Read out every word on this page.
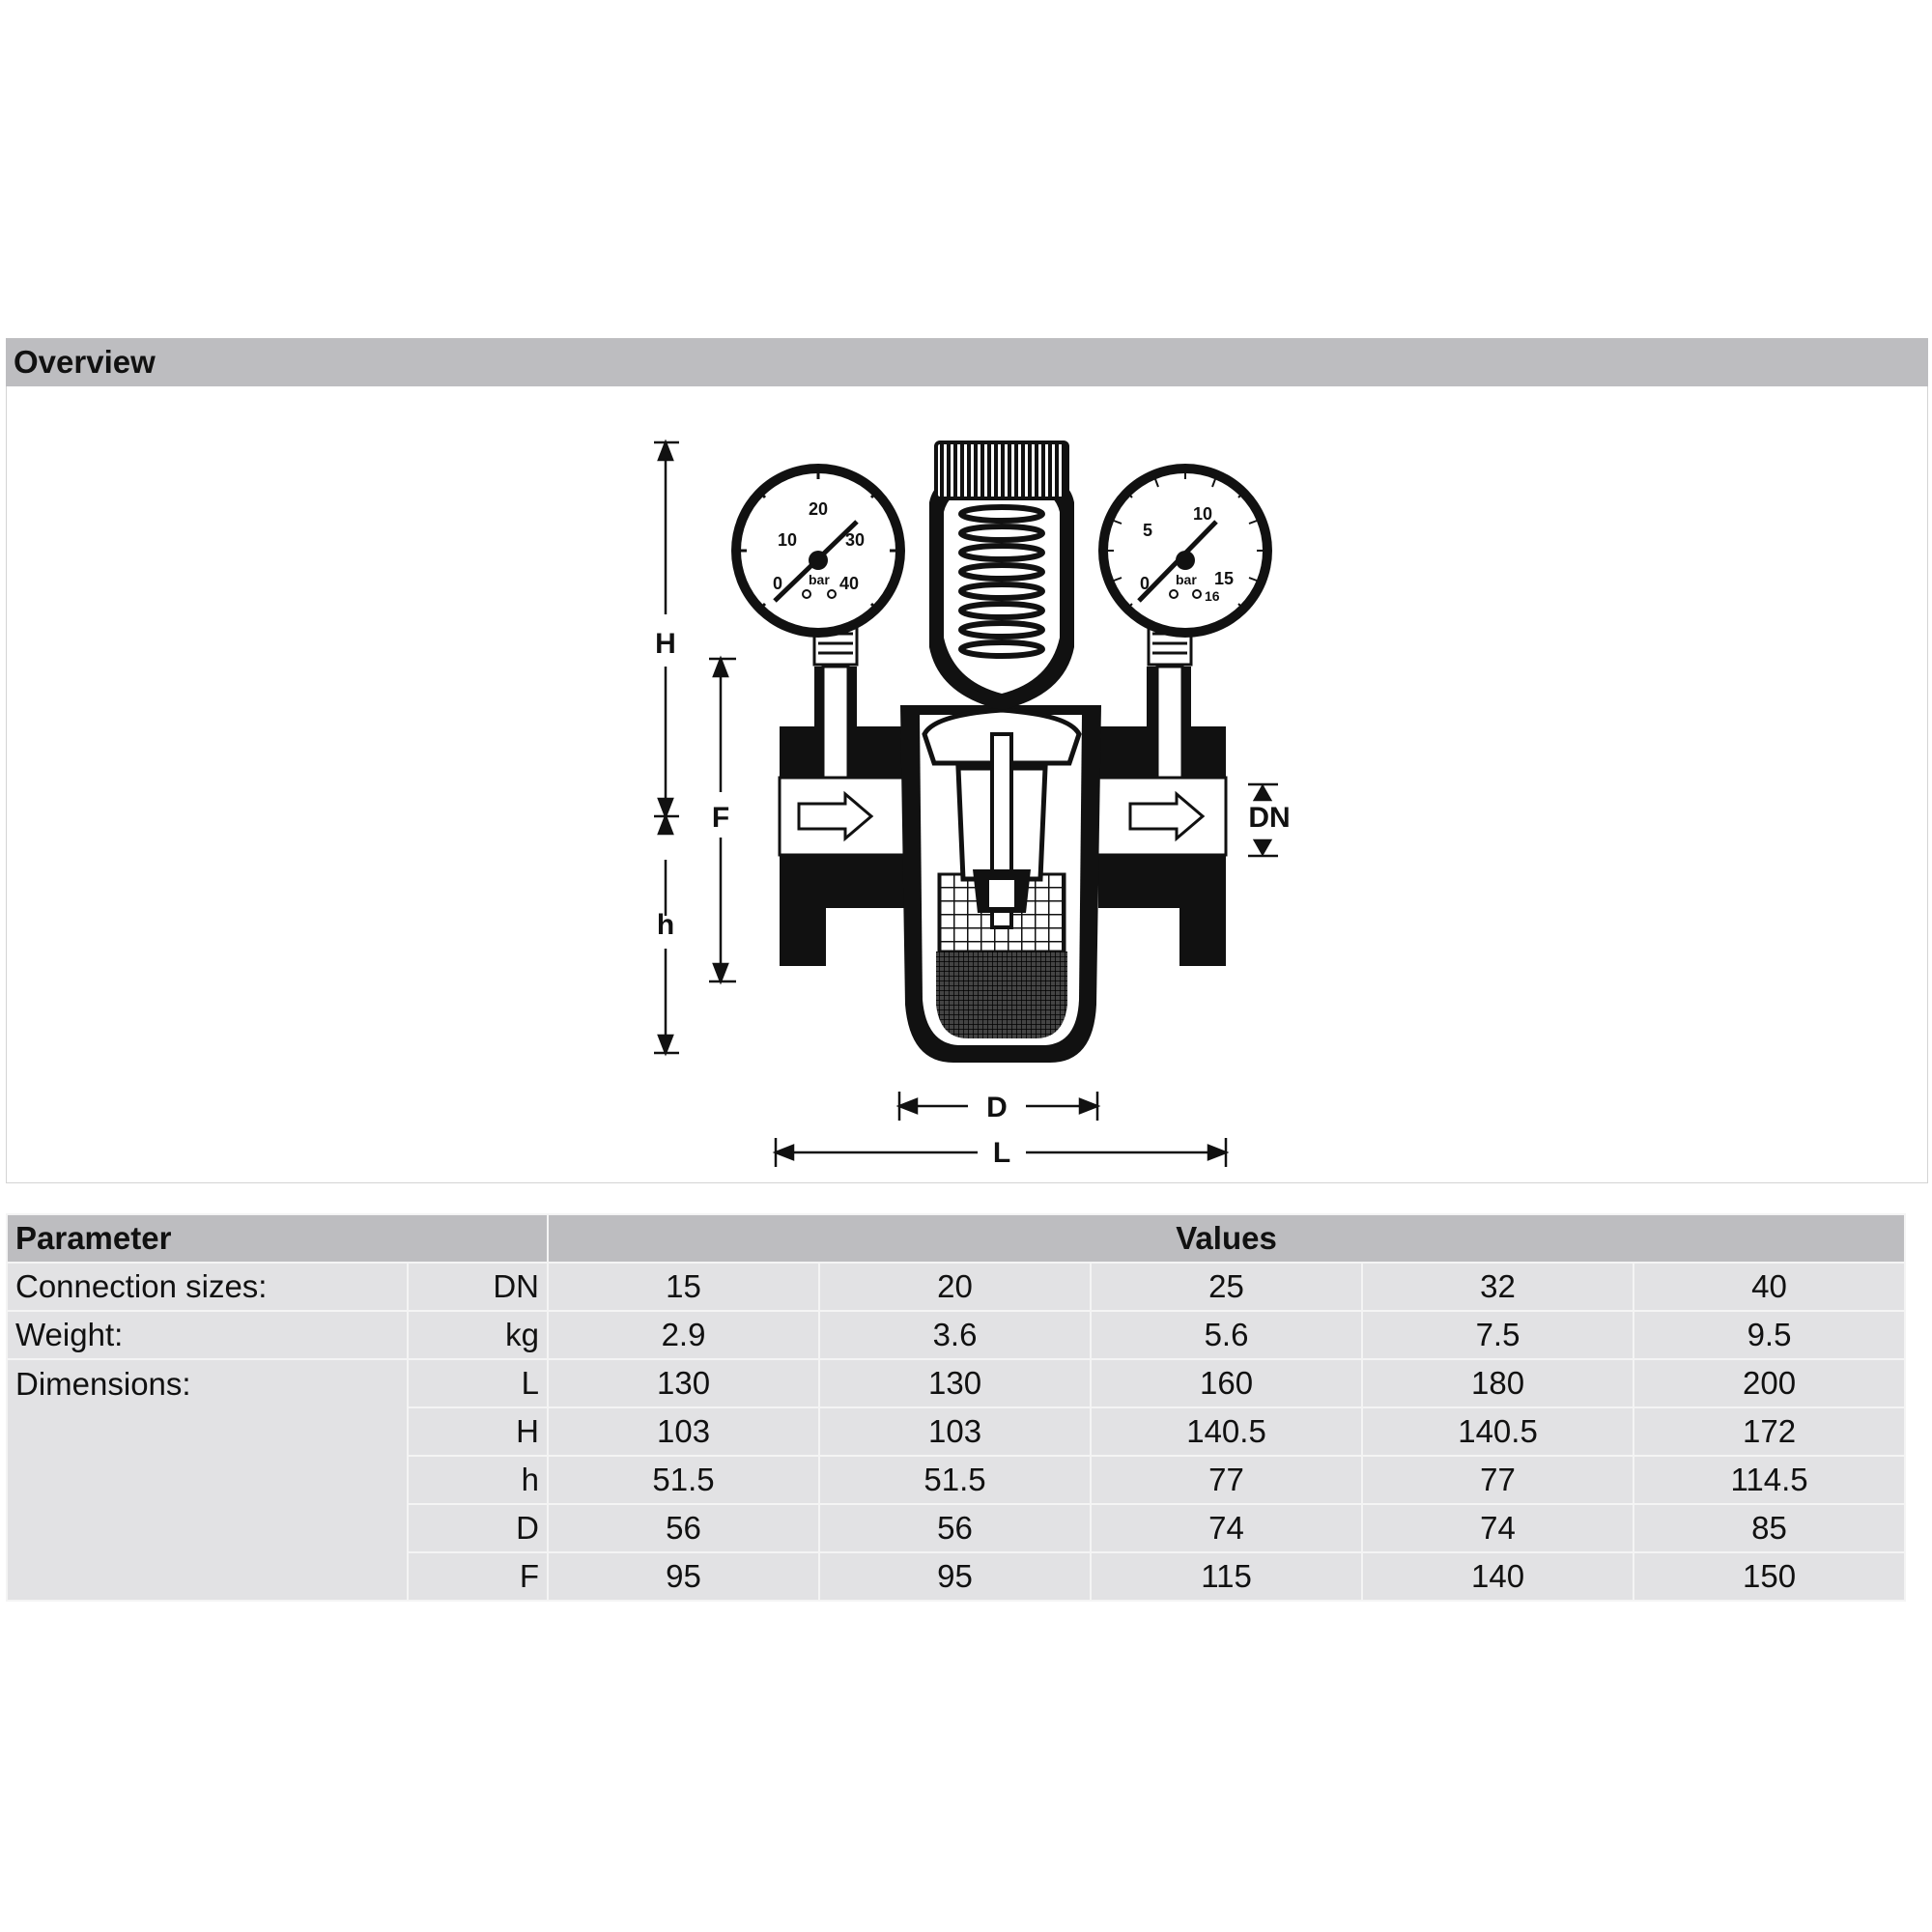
Overview
H
F
h
D
L
DN
10
20
30
0	40
bar
5
10
0	15
16
bar
Parameter		Values				
Connection sizes:	DN	15	20	25	32	40
Weight:	kg	2.9	3.6	5.6	7.5	9.5
Dimensions:	L	130	130	160	180	200
	H	103	103	140.5	140.5	172
	h	51.5	51.5	77	77	114.5
	D	56	56	74	74	85
	F	95	95	115	140	150
